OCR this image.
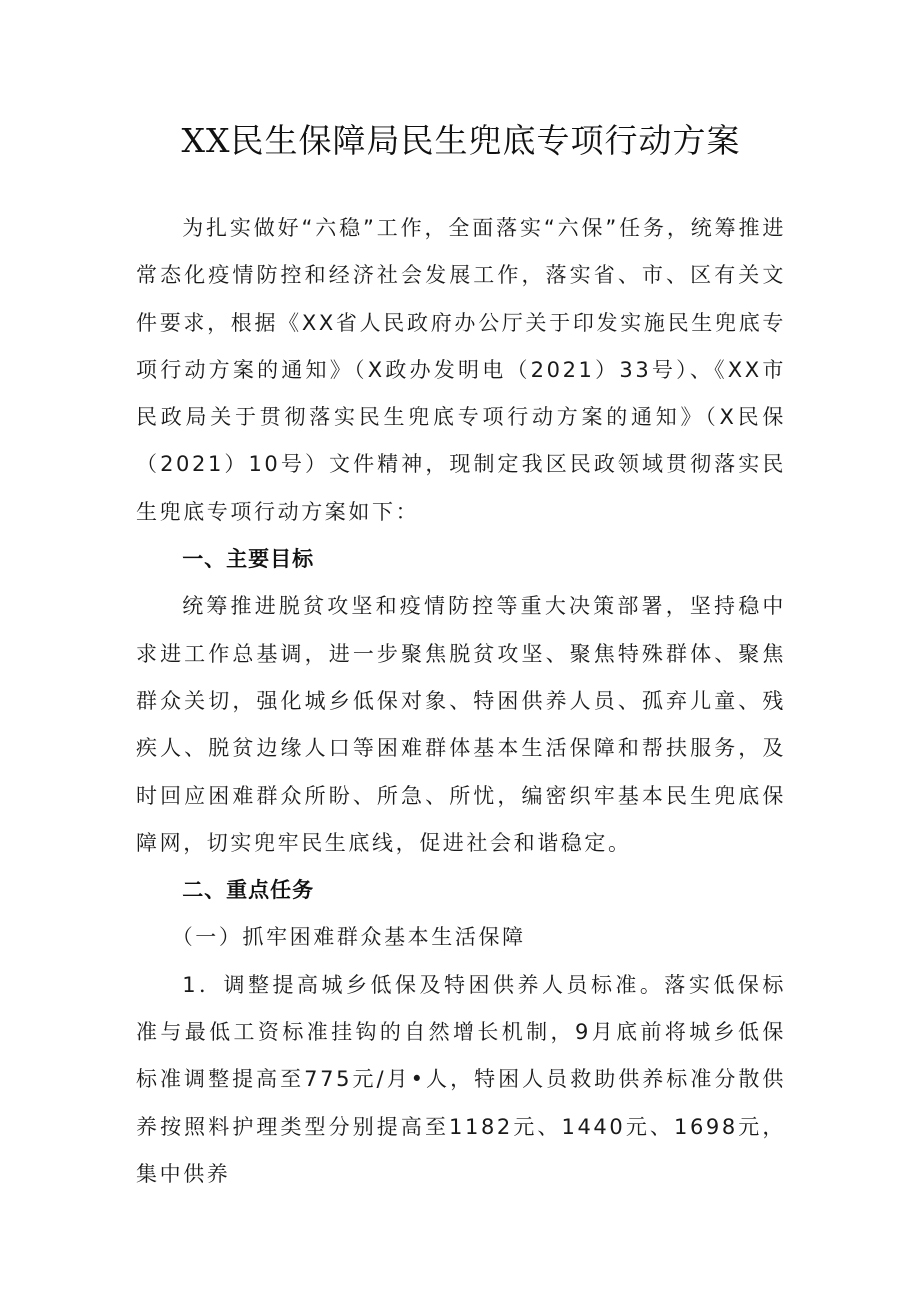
XX民生保障局民生兜底专项行动方案

为扎实做好“六稳”工作，全面落实“六保”任务，统筹推进常态化疫情防控和经济社会发展工作，落实省、市、区有关文件要求，根据《XX省人民政府办公厅关于印发实施民生兜底专项行动方案的通知》（X政办发明电（2021）33号）、《XX市民政局关于贯彻落实民生兜底专项行动方案的通知》（X民保（2021）10号）文件精神，现制定我区民政领域贯彻落实民生兜底专项行动方案如下：

一、主要目标

统筹推进脱贫攻坚和疫情防控等重大决策部署，坚持稳中求进工作总基调，进一步聚焦脱贫攻坚、聚焦特殊群体、聚焦群众关切，强化城乡低保对象、特困供养人员、孤弃儿童、残疾人、脱贫边缘人口等困难群体基本生活保障和帮扶服务，及时回应困难群众所盼、所急、所忧，编密织牢基本民生兜底保障网，切实兜牢民生底线，促进社会和谐稳定。

二、重点任务

（一）抓牢困难群众基本生活保障

1．调整提高城乡低保及特困供养人员标准。落实低保标准与最低工资标准挂钩的自然增长机制，9月底前将城乡低保标准调整提高至775元/月•人，特困人员救助供养标准分散供养按照料护理类型分别提高至1182元、1440元、1698元，集中供养
